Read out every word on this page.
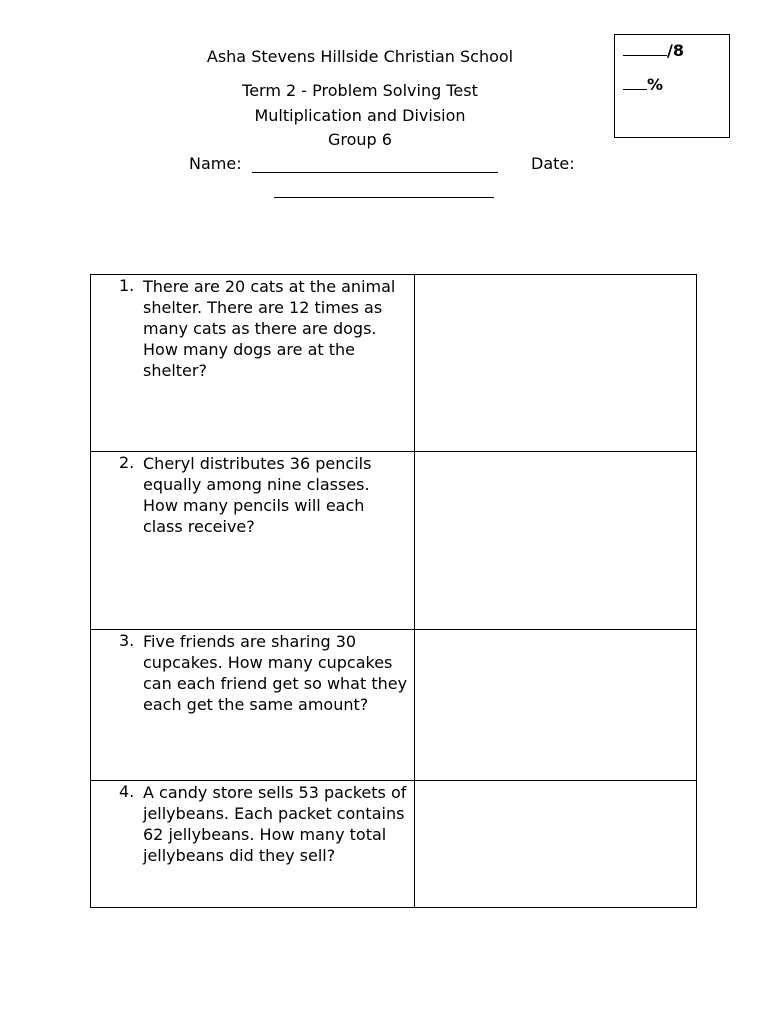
Asha Stevens Hillside Christian School
Term 2 - Problem Solving Test
Multiplication and Division
Group 6
Name:	Date:
/8
%
1. There are 20 cats at the animal shelter. There are 12 times as many cats as there are dogs. How many dogs are at the shelter?	

2. Cheryl distributes 36 pencils equally among nine classes. How many pencils will each class receive?	

3. Five friends are sharing 30 cupcakes. How many cupcakes can each friend get so what they each get the same amount?	

4. A candy store sells 53 packets of jellybeans. Each packet contains 62 jellybeans. How many total jellybeans did they sell?	
